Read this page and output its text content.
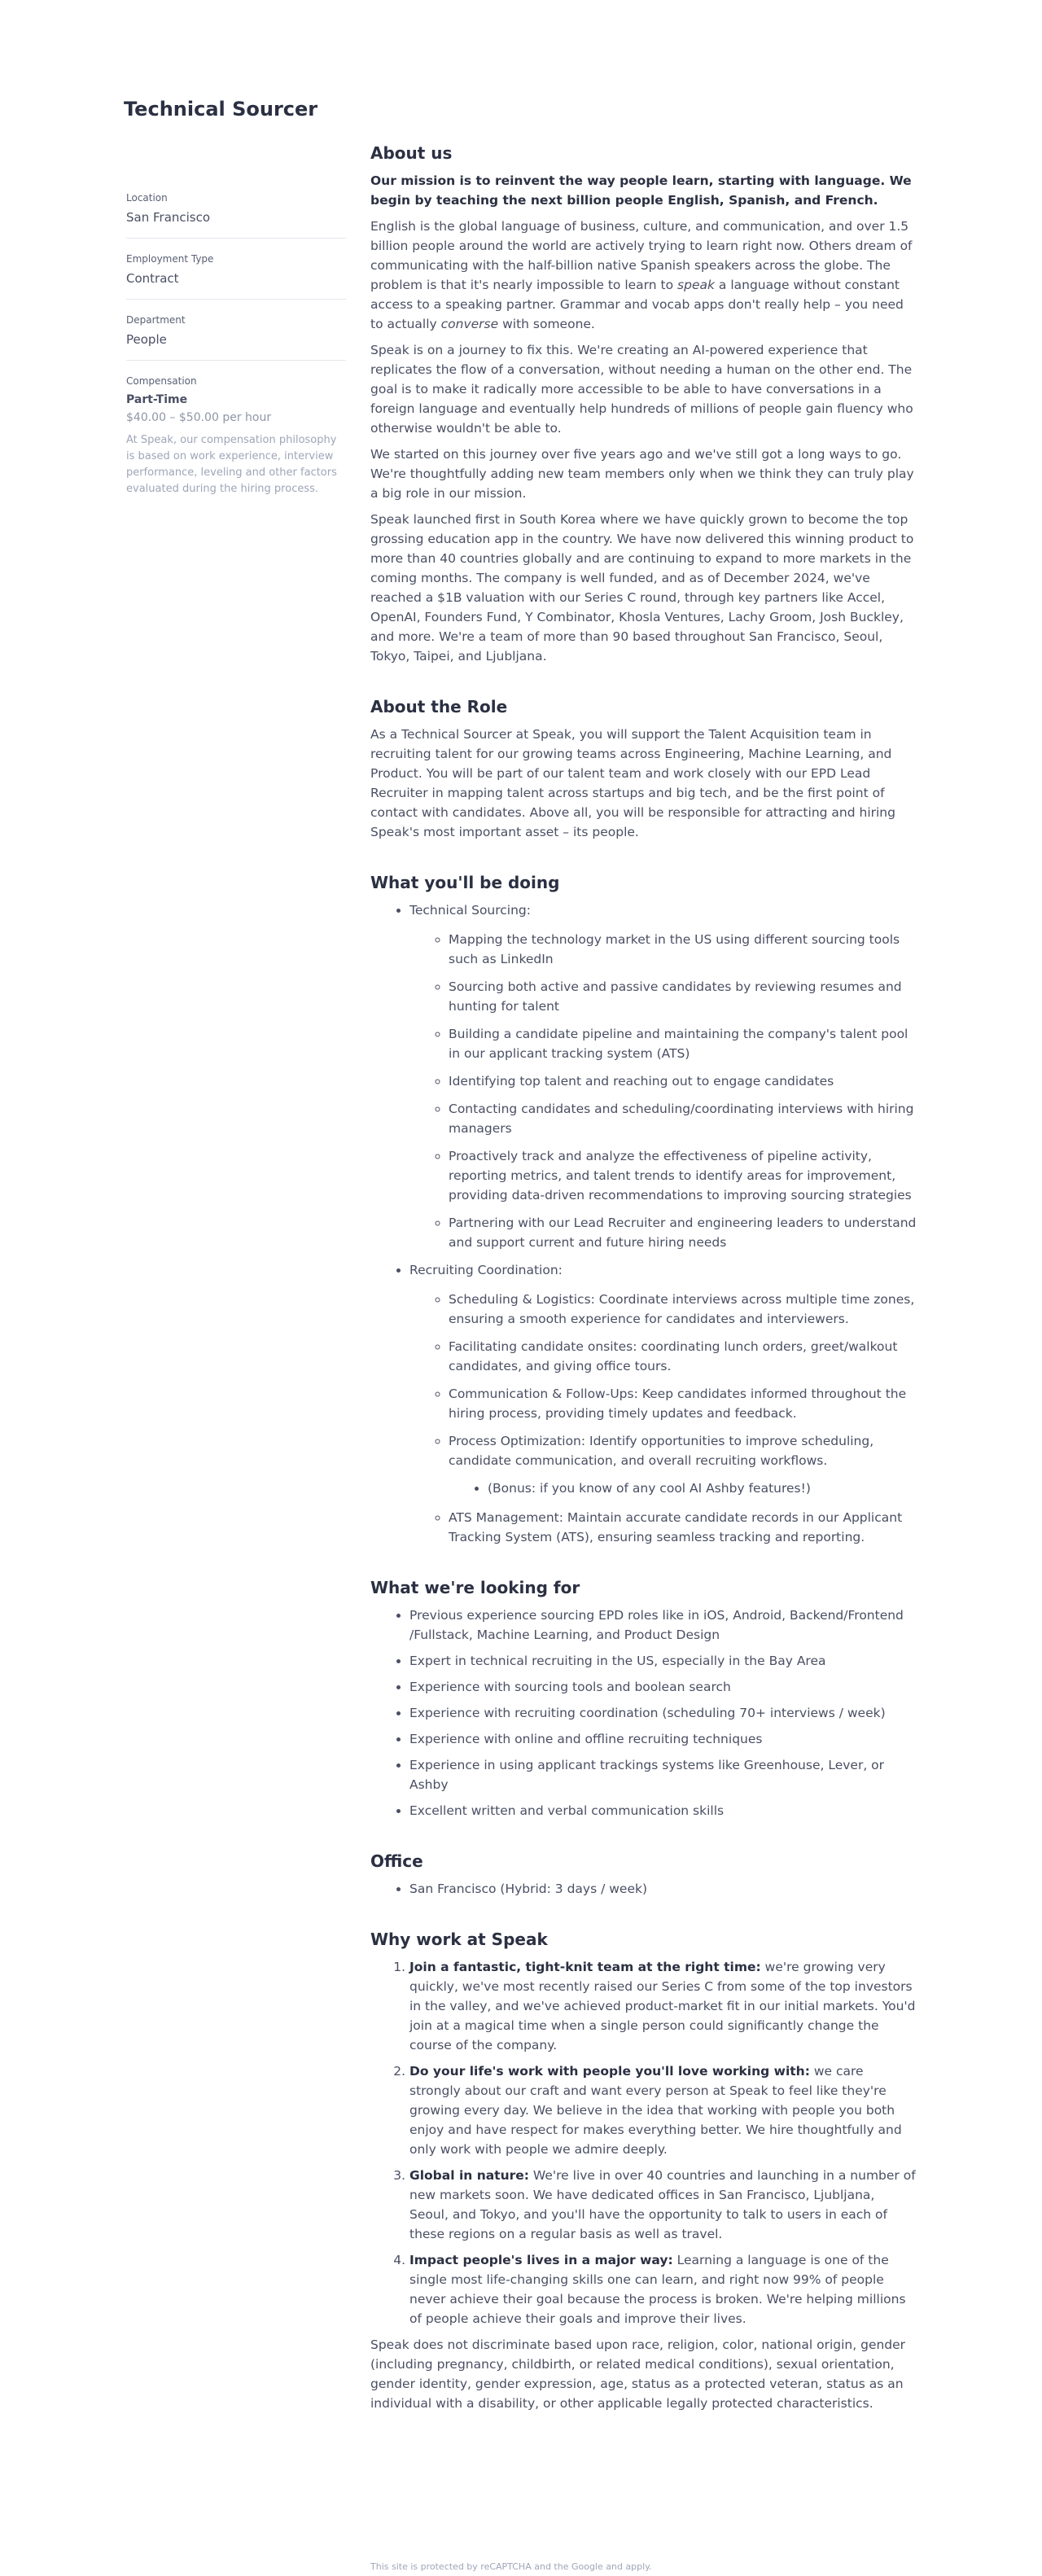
Technical Sourcer
Location
San Francisco
Employment Type
Contract
Department
People
Compensation
Part-Time
$40.00 – $50.00 per hour
At Speak, our compensation philosophy is based on work experience, interview performance, leveling and other factors evaluated during the hiring process.
About us

Our mission is to reinvent the way people learn, starting with language. We begin by teaching the next billion people English, Spanish, and French.

English is the global language of business, culture, and communication, and over 1.5 billion people around the world are actively trying to learn right now. Others dream of communicating with the half-billion native Spanish speakers across the globe. The problem is that it's nearly impossible to learn to speak a language without constant access to a speaking partner. Grammar and vocab apps don't really help – you need to actually converse with someone.

Speak is on a journey to fix this. We're creating an AI-powered experience that replicates the flow of a conversation, without needing a human on the other end. The goal is to make it radically more accessible to be able to have conversations in a foreign language and eventually help hundreds of millions of people gain fluency who otherwise wouldn't be able to.

We started on this journey over five years ago and we've still got a long ways to go. We're thoughtfully adding new team members only when we think they can truly play a big role in our mission.

Speak launched first in South Korea where we have quickly grown to become the top grossing education app in the country. We have now delivered this winning product to more than 40 countries globally and are continuing to expand to more markets in the coming months. The company is well funded, and as of December 2024, we've reached a $1B valuation with our Series C round, through key partners like Accel, OpenAI, Founders Fund, Y Combinator, Khosla Ventures, Lachy Groom, Josh Buckley, and more. We're a team of more than 90 based throughout San Francisco, Seoul, Tokyo, Taipei, and Ljubljana.

About the Role

As a Technical Sourcer at Speak, you will support the Talent Acquisition team in recruiting talent for our growing teams across Engineering, Machine Learning, and Product. You will be part of our talent team and work closely with our EPD Lead Recruiter in mapping talent across startups and big tech, and be the first point of contact with candidates. Above all, you will be responsible for attracting and hiring Speak's most important asset – its people.

What you'll be doing
• Technical Sourcing:
◦ Mapping the technology market in the US using different sourcing tools such as LinkedIn
◦ Sourcing both active and passive candidates by reviewing resumes and hunting for talent
◦ Building a candidate pipeline and maintaining the company's talent pool in our applicant tracking system (ATS)
◦ Identifying top talent and reaching out to engage candidates
◦ Contacting candidates and scheduling/coordinating interviews with hiring managers
◦ Proactively track and analyze the effectiveness of pipeline activity, reporting metrics, and talent trends to identify areas for improvement, providing data-driven recommendations to improving sourcing strategies
◦ Partnering with our Lead Recruiter and engineering leaders to understand and support current and future hiring needs
• Recruiting Coordination:
◦ Scheduling & Logistics: Coordinate interviews across multiple time zones, ensuring a smooth experience for candidates and interviewers.
◦ Facilitating candidate onsites: coordinating lunch orders, greet/walkout candidates, and giving office tours.
◦ Communication & Follow-Ups: Keep candidates informed throughout the hiring process, providing timely updates and feedback.
◦ Process Optimization: Identify opportunities to improve scheduling, candidate communication, and overall recruiting workflows.
• (Bonus: if you know of any cool AI Ashby features!)
◦ ATS Management: Maintain accurate candidate records in our Applicant Tracking System (ATS), ensuring seamless tracking and reporting.
What we're looking for
• Previous experience sourcing EPD roles like in iOS, Android, Backend/Frontend /Fullstack, Machine Learning, and Product Design
• Expert in technical recruiting in the US, especially in the Bay Area
• Experience with sourcing tools and boolean search
• Experience with recruiting coordination (scheduling 70+ interviews / week)
• Experience with online and offline recruiting techniques
• Experience in using applicant trackings systems like Greenhouse, Lever, or Ashby
• Excellent written and verbal communication skills
Office
• San Francisco (Hybrid: 3 days / week)
Why work at Speak
1. Join a fantastic, tight-knit team at the right time: we're growing very quickly, we've most recently raised our Series C from some of the top investors in the valley, and we've achieved product-market fit in our initial markets. You'd join at a magical time when a single person could significantly change the course of the company.
2. Do your life's work with people you'll love working with: we care strongly about our craft and want every person at Speak to feel like they're growing every day. We believe in the idea that working with people you both enjoy and have respect for makes everything better. We hire thoughtfully and only work with people we admire deeply.
3. Global in nature: We're live in over 40 countries and launching in a number of new markets soon. We have dedicated offices in San Francisco, Ljubljana, Seoul, and Tokyo, and you'll have the opportunity to talk to users in each of these regions on a regular basis as well as travel.
4. Impact people's lives in a major way: Learning a language is one of the single most life-changing skills one can learn, and right now 99% of people never achieve their goal because the process is broken. We're helping millions of people achieve their goals and improve their lives.

Speak does not discriminate based upon race, religion, color, national origin, gender (including pregnancy, childbirth, or related medical conditions), sexual orientation, gender identity, gender expression, age, status as a protected veteran, status as an individual with a disability, or other applicable legally protected characteristics.

This site is protected by reCAPTCHA and the Google and apply.
